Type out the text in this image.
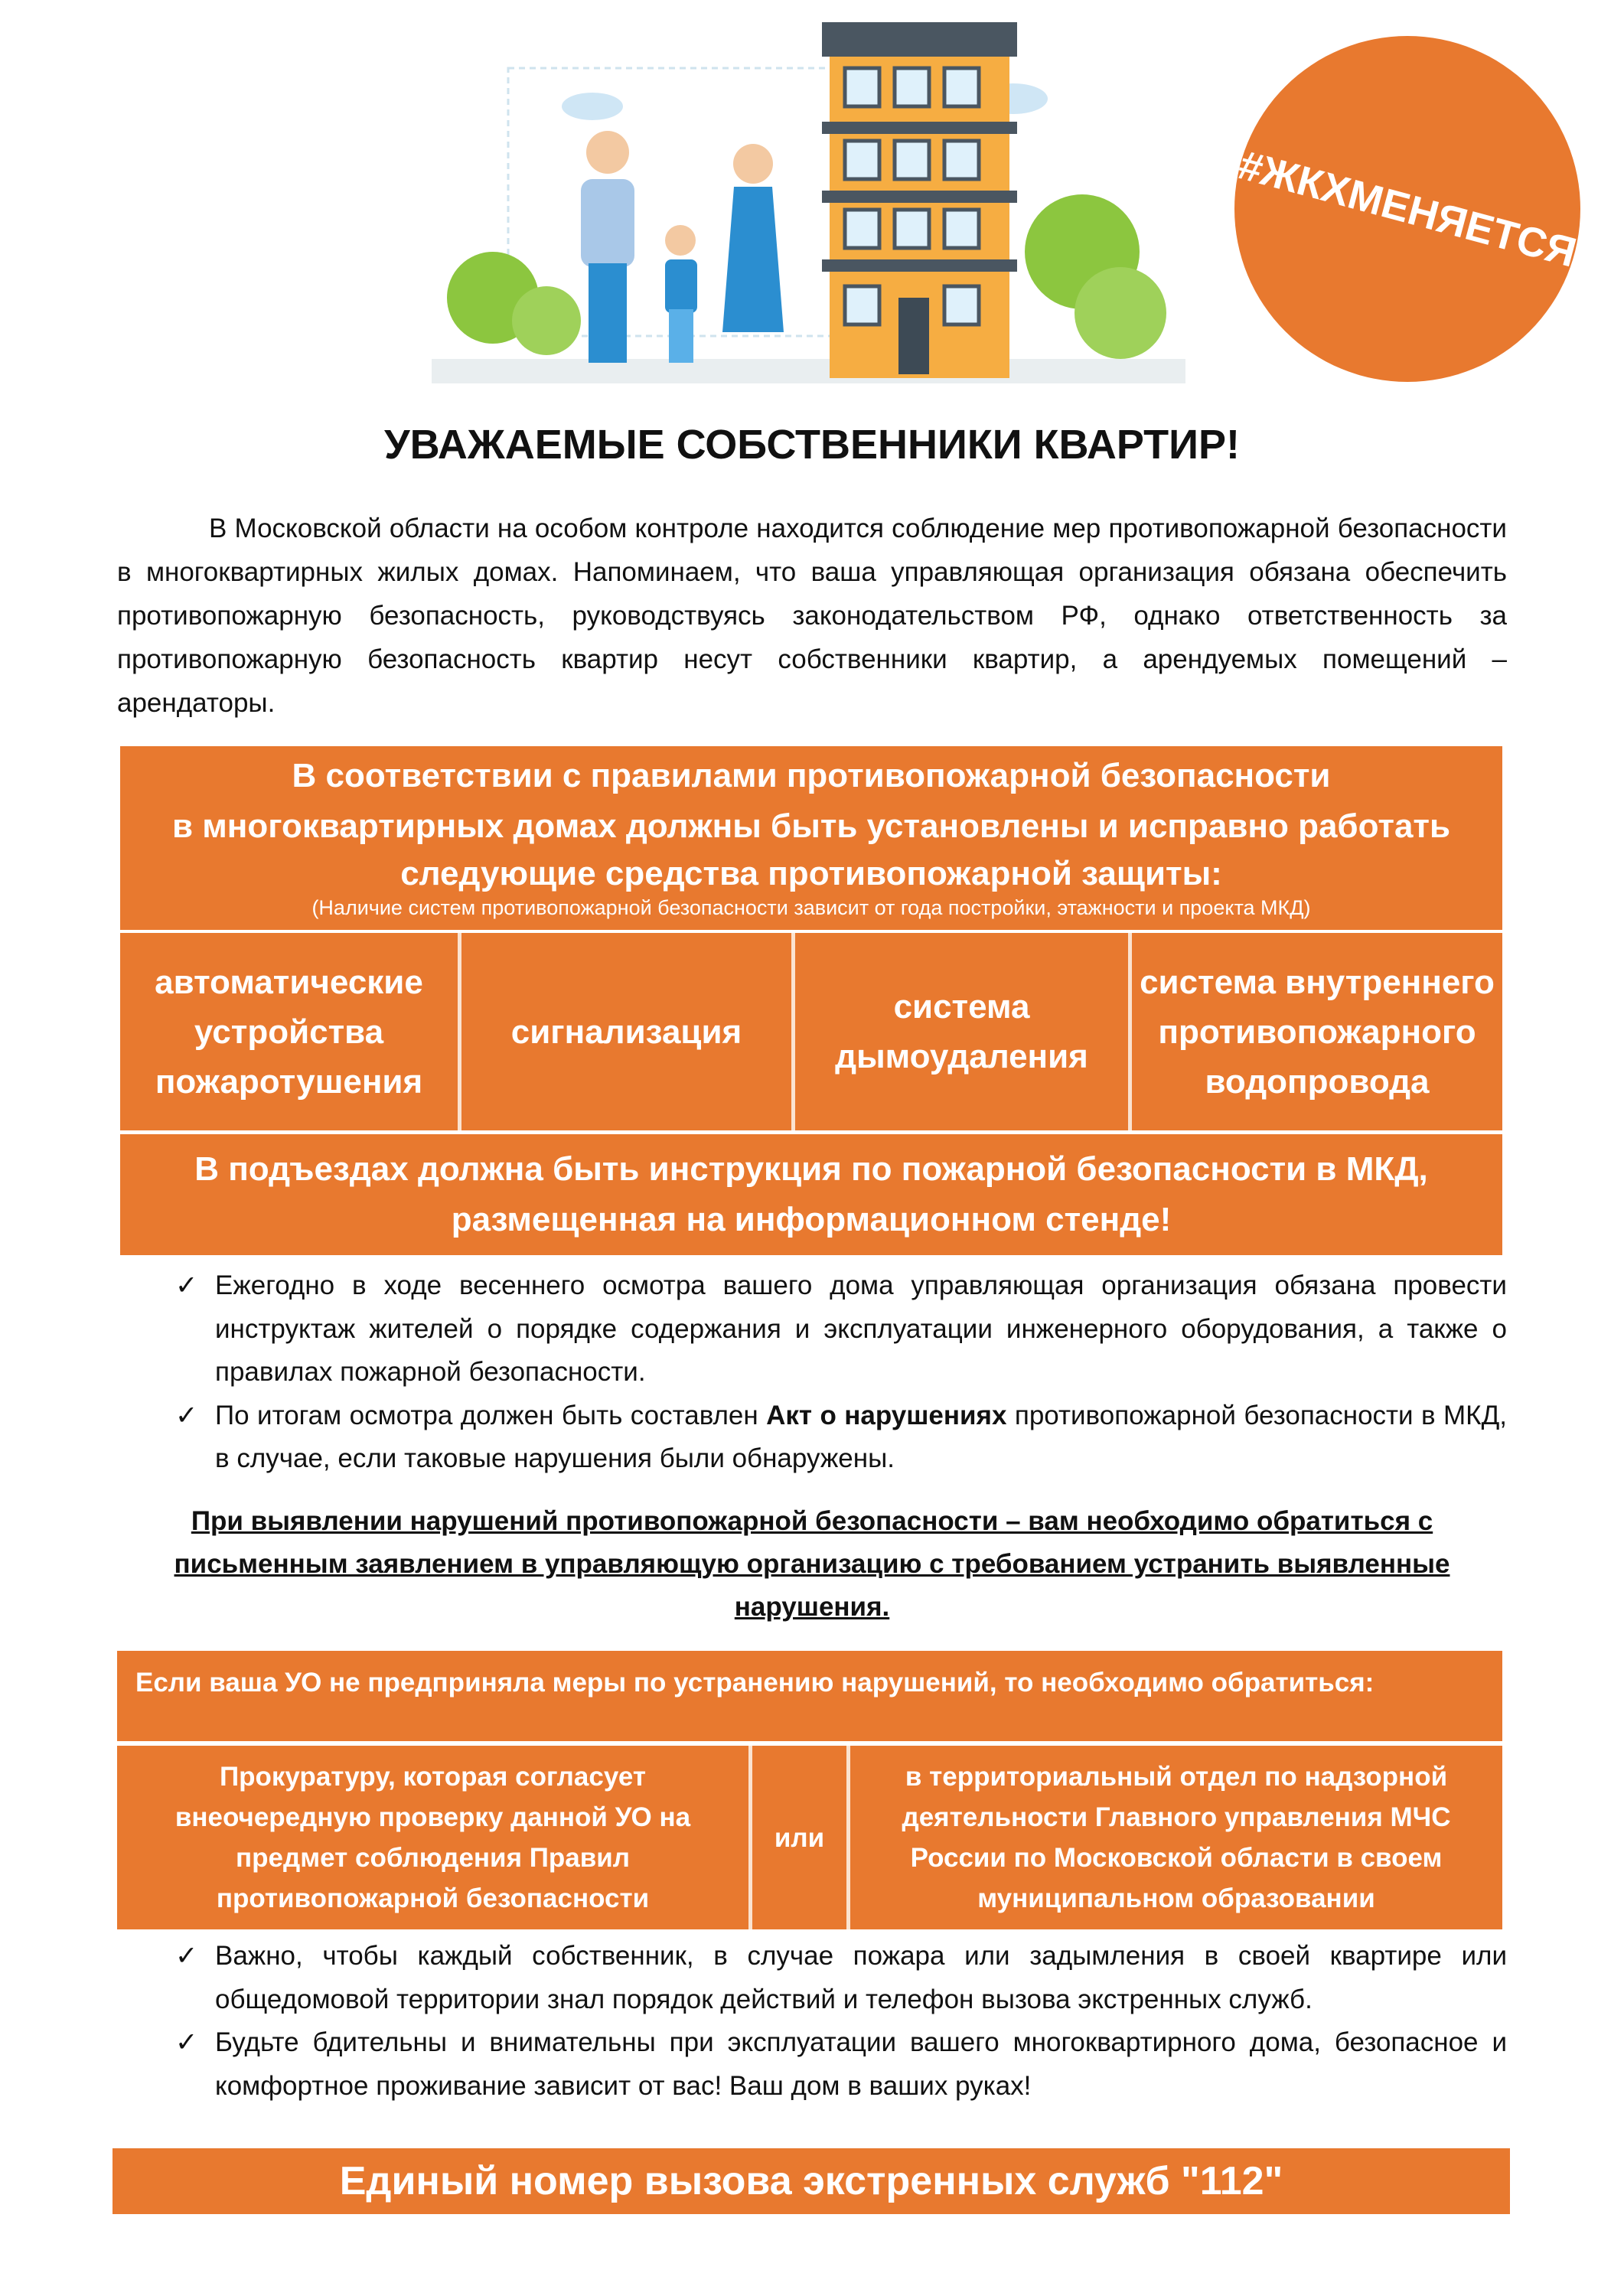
#ЖКХМЕНЯЕТСЯ
УВАЖАЕМЫЕ СОБСТВЕННИКИ КВАРТИР!

В Московской области на особом контроле находится соблюдение мер противопожарной безопасности в многоквартирных жилых домах. Напоминаем, что ваша управляющая организация обязана обеспечить противопожарную безопасность, руководствуясь законодательством РФ, однако ответственность за противопожарную безопасность квартир несут собственники квартир, а арендуемых помещений – арендаторы.

В соответствии с правилами противопожарной безопасности
в многоквартирных домах должны быть установлены и исправно работать
следующие средства противопожарной защиты:
(Наличие систем противопожарной безопасности зависит от года постройки, этажности и проекта МКД)
автоматические устройства пожаротушения
сигнализация
система дымоудаления
система внутреннего противопожарного водопровода
В подъездах должна быть инструкция по пожарной безопасности в МКД, размещенная на информационном стенде!
✓ Ежегодно в ходе весеннего осмотра вашего дома управляющая организация обязана провести инструктаж жителей о порядке содержания и эксплуатации инженерного оборудования, а также о правилах пожарной безопасности.
✓ По итогам осмотра должен быть составлен Акт о нарушениях противопожарной безопасности в МКД, в случае, если таковые нарушения были обнаружены.
При выявлении нарушений противопожарной безопасности – вам необходимо обратиться с письменным заявлением в управляющую организацию с требованием устранить выявленные нарушения.
Если ваша УО не предприняла меры по устранению нарушений, то необходимо обратиться:
Прокуратуру, которая согласует внеочередную проверку данной УО на предмет соблюдения Правил противопожарной безопасности
или
в территориальный отдел по надзорной деятельности Главного управления МЧС России по Московской области в своем муниципальном образовании
✓ Важно, чтобы каждый собственник, в случае пожара или задымления в своей квартире или общедомовой территории знал порядок действий и телефон вызова экстренных служб.
✓ Будьте бдительны и внимательны при эксплуатации вашего многоквартирного дома, безопасное и комфортное проживание зависит от вас! Ваш дом в ваших руках!
Единый номер вызова экстренных служб "112"
